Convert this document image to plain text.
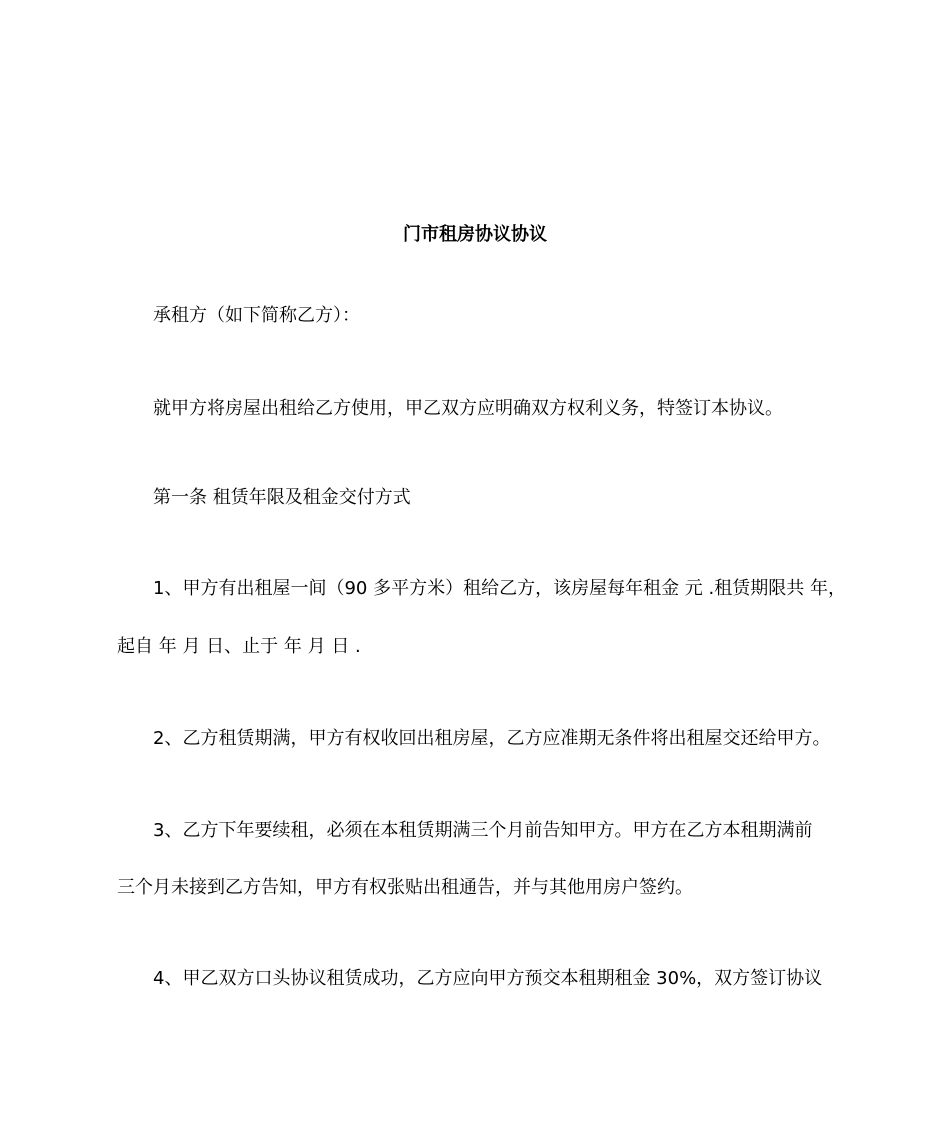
门市租房协议协议
承租方（如下简称乙方）：
就甲方将房屋出租给乙方使用，甲乙双方应明确双方权利义务，特签订本协议。
第一条 租赁年限及租金交付方式
1、甲方有出租屋一间（90 多平方米）租给乙方，该房屋每年租金 元 .租赁期限共 年，
起自 年 月 日、止于 年 月 日 .
2、乙方租赁期满，甲方有权收回出租房屋，乙方应准期无条件将出租屋交还给甲方。
3、乙方下年要续租，必须在本租赁期满三个月前告知甲方。甲方在乙方本租期满前
三个月未接到乙方告知，甲方有权张贴出租通告，并与其他用房户签约。
4、甲乙双方口头协议租赁成功，乙方应向甲方预交本租期租金 30%，双方签订协议
